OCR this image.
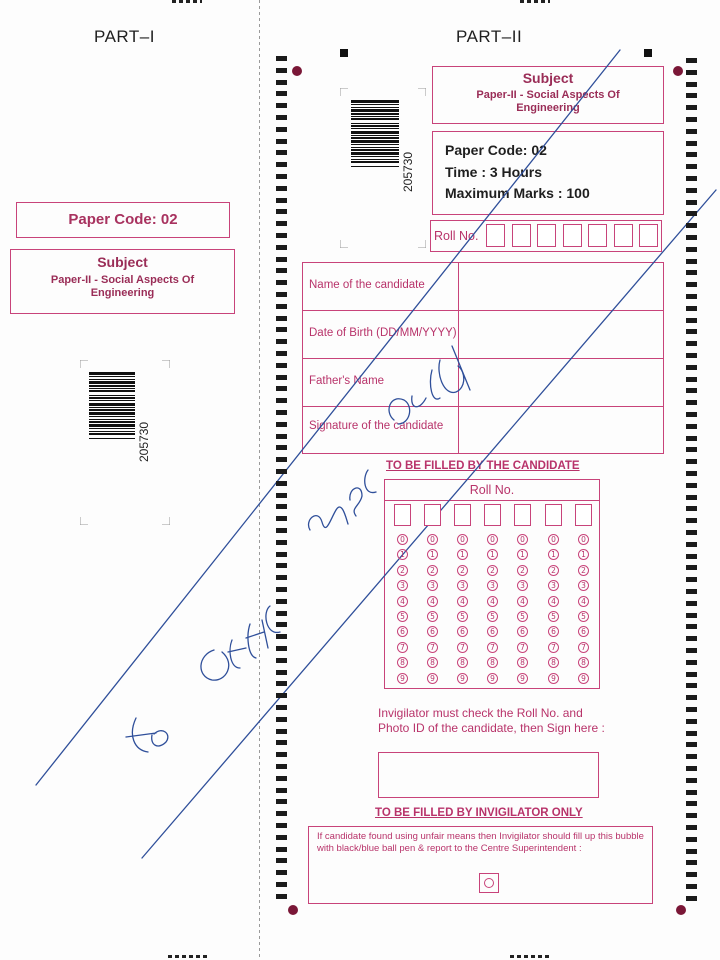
PART–I
Paper Code: 02
Subject
Paper-II - Social Aspects Of Engineering
205730
PART–II
Subject
Paper-II - Social Aspects Of Engineering
Paper Code: 02
Time : 3 Hours
Maximum Marks : 100
205730
Roll No.
Name of the candidate
Date of Birth (DD/MM/YYYY)
Father's Name
Signature of the candidate
TO BE FILLED BY THE CANDIDATE
Roll No.
Invigilator must check the Roll No. and Photo ID of the candidate, then Sign here :
TO BE FILLED BY INVIGILATOR ONLY
If candidate found using unfair means then Invigilator should fill up this bubble with black/blue ball pen & report to the Centre Superintendent :
0
1
2
3
4
5
6
7
8
9
0
1
2
3
4
5
6
7
8
9
0
1
2
3
4
5
6
7
8
9
0
1
2
3
4
5
6
7
8
9
0
1
2
3
4
5
6
7
8
9
0
1
2
3
4
5
6
7
8
9
0
1
2
3
4
5
6
7
8
9
